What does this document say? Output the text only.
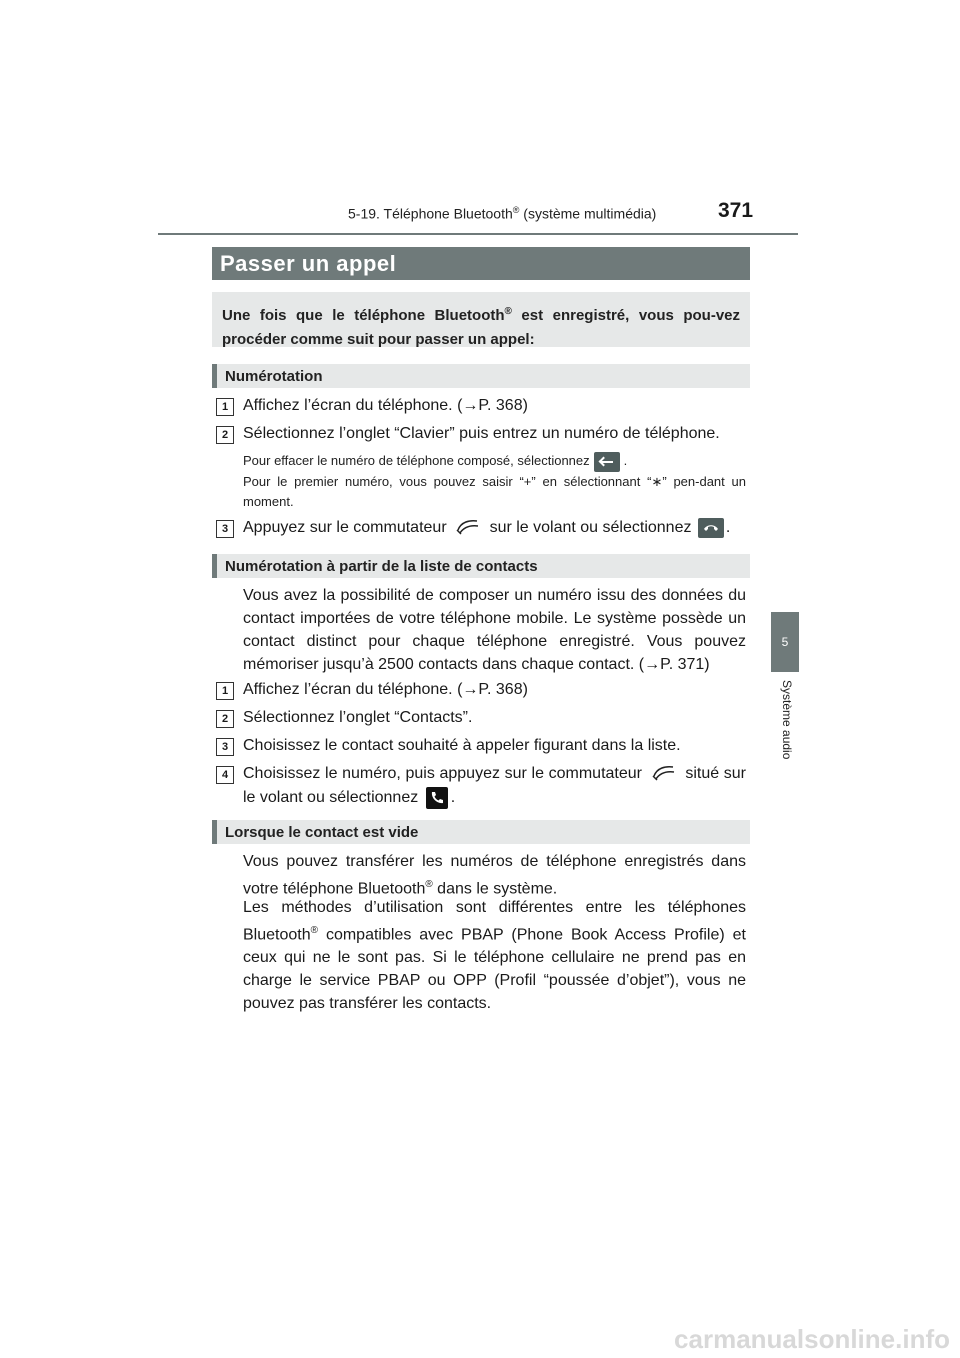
5-19. Téléphone Bluetooth® (système multimédia)	371
5
Système audio
Passer un appel
Une fois que le téléphone Bluetooth® est enregistré, vous pou-vez procéder comme suit pour passer un appel:
Numérotation
1 Affichez l’écran du téléphone. (→P. 368)
2 Sélectionnez l’onglet “Clavier” puis entrez un numéro de téléphone.
Pour effacer le numéro de téléphone composé, sélectionnez	.
Pour le premier numéro, vous pouvez saisir “+” en sélectionnant “∗” pen-dant un moment.
3 Appuyez sur le commutateur	sur le volant ou sélectionnez .
Numérotation à partir de la liste de contacts
Vous avez la possibilité de composer un numéro issu des données du contact importées de votre téléphone mobile. Le système possède un contact distinct pour chaque téléphone enregistré. Vous pouvez mémoriser jusqu’à 2500 contacts dans chaque contact. (→P. 371)
1 Affichez l’écran du téléphone. (→P. 368)
2 Sélectionnez l’onglet “Contacts”.
3 Choisissez le contact souhaité à appeler figurant dans la liste.
4 Choisissez le numéro, puis appuyez sur le commutateur	situé sur le volant ou sélectionnez .
Lorsque le contact est vide
Vous pouvez transférer les numéros de téléphone enregistrés dans votre téléphone Bluetooth® dans le système.
Les méthodes d’utilisation sont différentes entre les téléphones Bluetooth® compatibles avec PBAP (Phone Book Access Profile) et ceux qui ne le sont pas. Si le téléphone cellulaire ne prend pas en charge le service PBAP ou OPP (Profil “poussée d’objet”), vous ne pouvez pas transférer les contacts.
carmanualsonline.info
